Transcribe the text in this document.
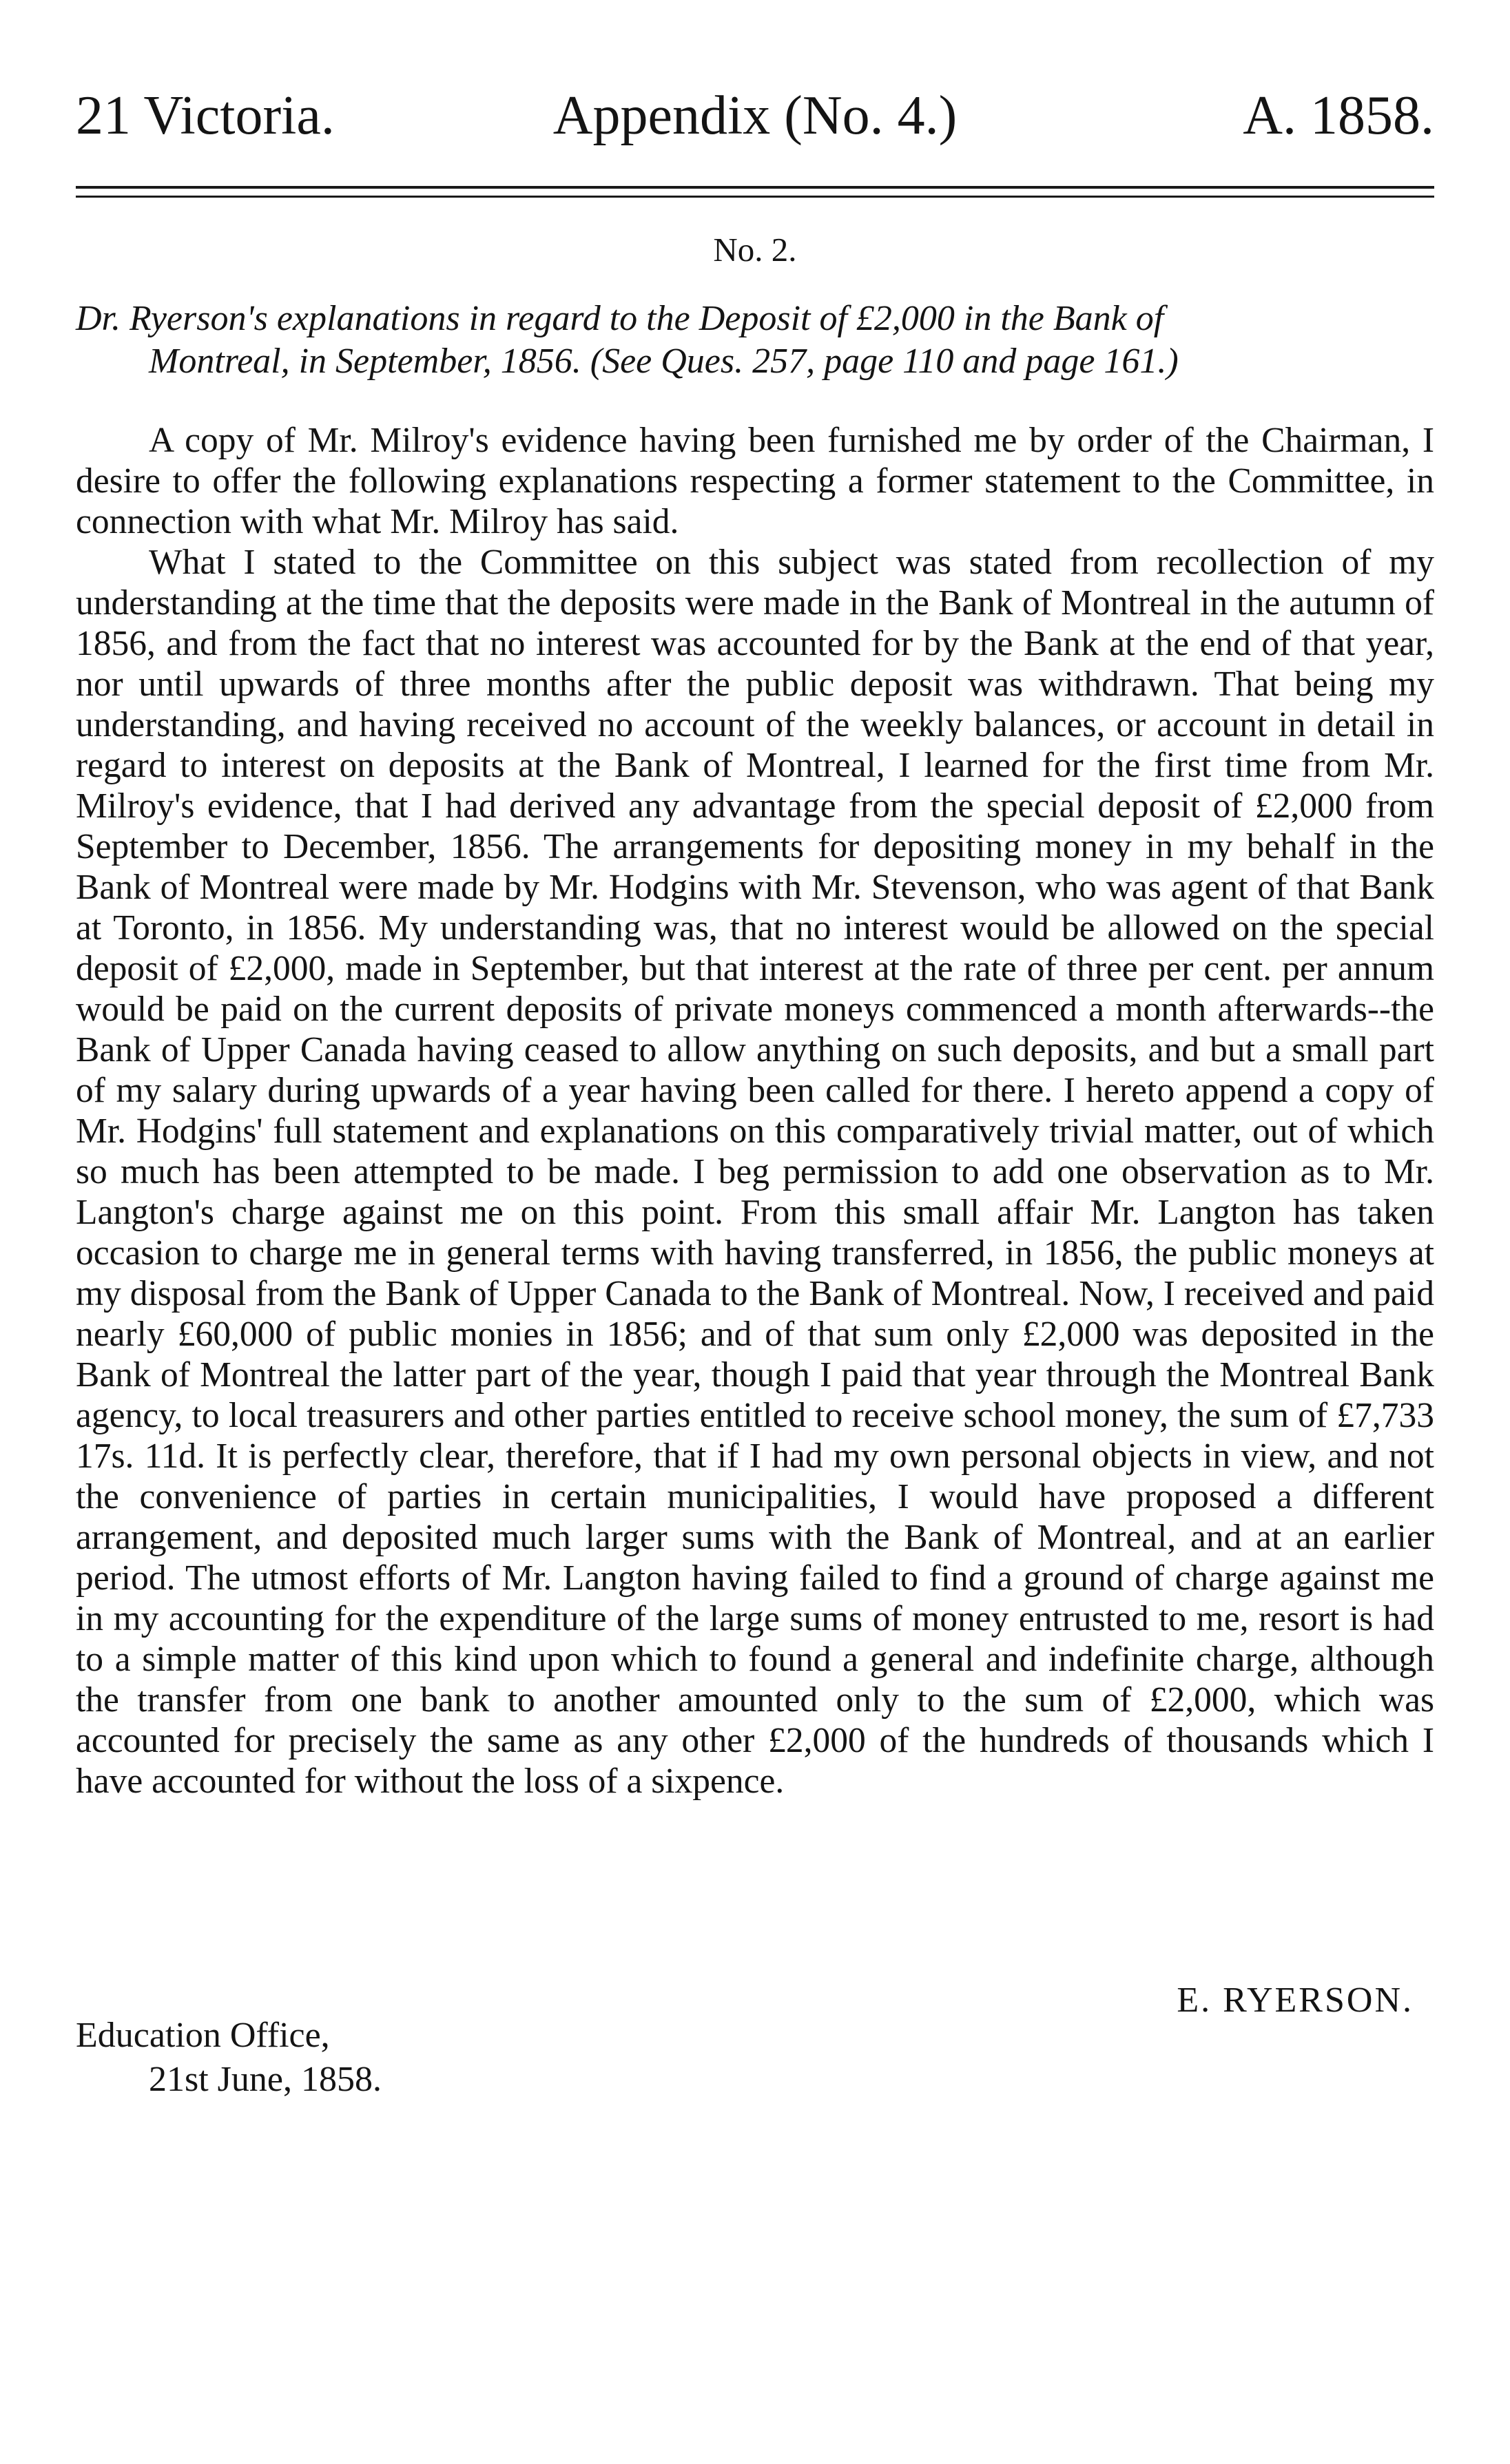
21 Victoria.	Appendix (No. 4.)	A. 1858.
No. 2.
Dr. Ryerson's explanations in regard to the Deposit of £2,000 in the Bank of
Montreal, in September, 1856. (See Ques. 257, page 110 and page 161.)

A copy of Mr. Milroy's evidence having been furnished me by order of the Chairman, I desire to offer the following explanations respecting a former statement to the Committee, in connection with what Mr. Milroy has said.

What I stated to the Committee on this subject was stated from recollection of my understanding at the time that the deposits were made in the Bank of Montreal in the autumn of 1856, and from the fact that no interest was accounted for by the Bank at the end of that year, nor until upwards of three months after the public deposit was withdrawn. That being my understanding, and having received no account of the weekly balances, or account in detail in regard to interest on deposits at the Bank of Montreal, I learned for the first time from Mr. Milroy's evidence, that I had derived any advantage from the special deposit of £2,000 from September to December, 1856. The arrangements for depositing money in my behalf in the Bank of Montreal were made by Mr. Hodgins with Mr. Stevenson, who was agent of that Bank at Toronto, in 1856. My understanding was, that no interest would be allowed on the special deposit of £2,000, made in September, but that interest at the rate of three per cent. per annum would be paid on the current deposits of private moneys commenced a month afterwards--the Bank of Upper Canada having ceased to allow anything on such deposits, and but a small part of my salary during upwards of a year having been called for there. I hereto append a copy of Mr. Hodgins' full statement and explanations on this comparatively trivial matter, out of which so much has been attempted to be made. I beg permission to add one observation as to Mr. Langton's charge against me on this point. From this small affair Mr. Langton has taken occasion to charge me in general terms with having transferred, in 1856, the public moneys at my disposal from the Bank of Upper Canada to the Bank of Montreal. Now, I received and paid nearly £60,000 of public monies in 1856; and of that sum only £2,000 was deposited in the Bank of Montreal the latter part of the year, though I paid that year through the Montreal Bank agency, to local treasurers and other parties entitled to receive school money, the sum of £7,733 17s. 11d. It is perfectly clear, therefore, that if I had my own personal objects in view, and not the convenience of parties in certain municipalities, I would have proposed a different arrangement, and deposited much larger sums with the Bank of Montreal, and at an earlier period. The utmost efforts of Mr. Langton having failed to find a ground of charge against me in my accounting for the expenditure of the large sums of money entrusted to me, resort is had to a simple matter of this kind upon which to found a general and indefinite charge, although the transfer from one bank to another amounted only to the sum of £2,000, which was accounted for precisely the same as any other £2,000 of the hundreds of thousands which I have accounted for without the loss of a sixpence.

E. RYERSON.
Education Office,
21st June, 1858.
